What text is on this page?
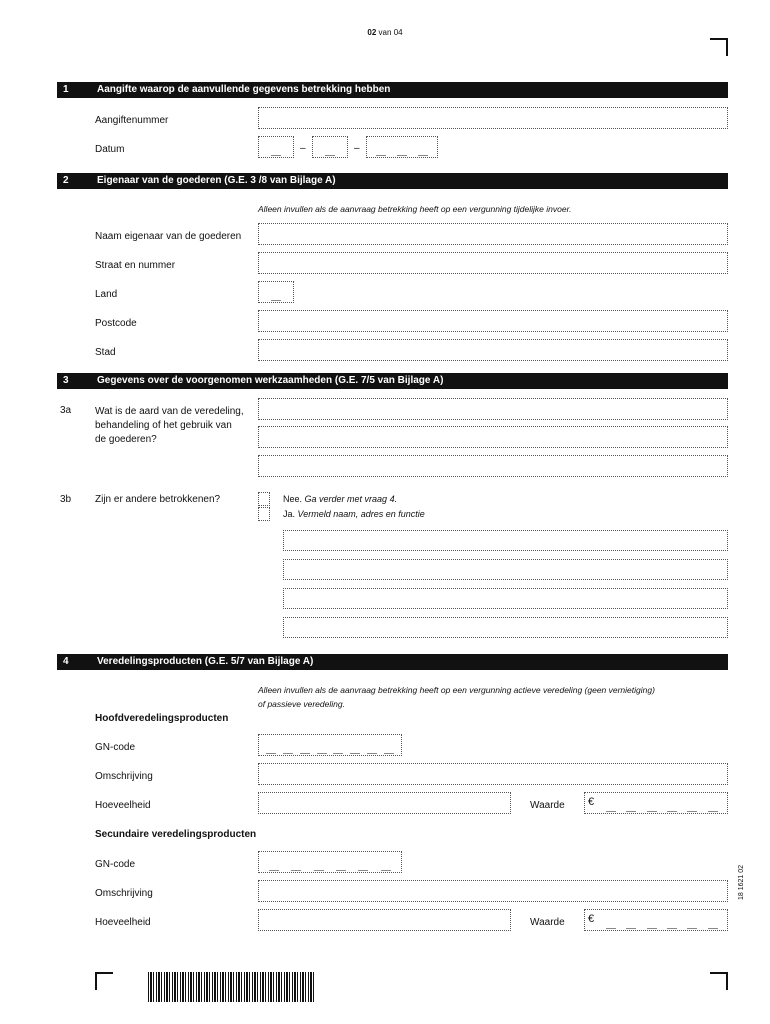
02 van 04
1	Aangifte waarop de aanvullende gegevens betrekking hebben
Aangiftenummer
Datum	–	–
2	Eigenaar van de goederen (G.E. 3 /8 van Bijlage A)
Alleen invullen als de aanvraag betrekking heeft op een vergunning tijdelijke invoer.
Naam eigenaar van de goederen
Straat en nummer
Land
Postcode
Stad
3	Gegevens over de voorgenomen werkzaamheden (G.E. 7/5 van Bijlage A)
3a Wat is de aard van de veredeling,
behandeling of het gebruik van
de goederen?
3b Zijn er andere betrokkenen?	Nee. Ga verder met vraag 4.
Ja. Vermeld naam, adres en functie
4	Veredelingsproducten (G.E. 5/7 van Bijlage A)
Alleen invullen als de aanvraag betrekking heeft op een vergunning actieve veredeling (geen vernietiging)
of passieve veredeling.
Hoofdveredelingsproducten
GN-code
Omschrijving
Hoeveelheid	Waarde €
Secundaire veredelingsproducten
GN-code
Omschrijving
Hoeveelheid	Waarde €
18 1621 02
